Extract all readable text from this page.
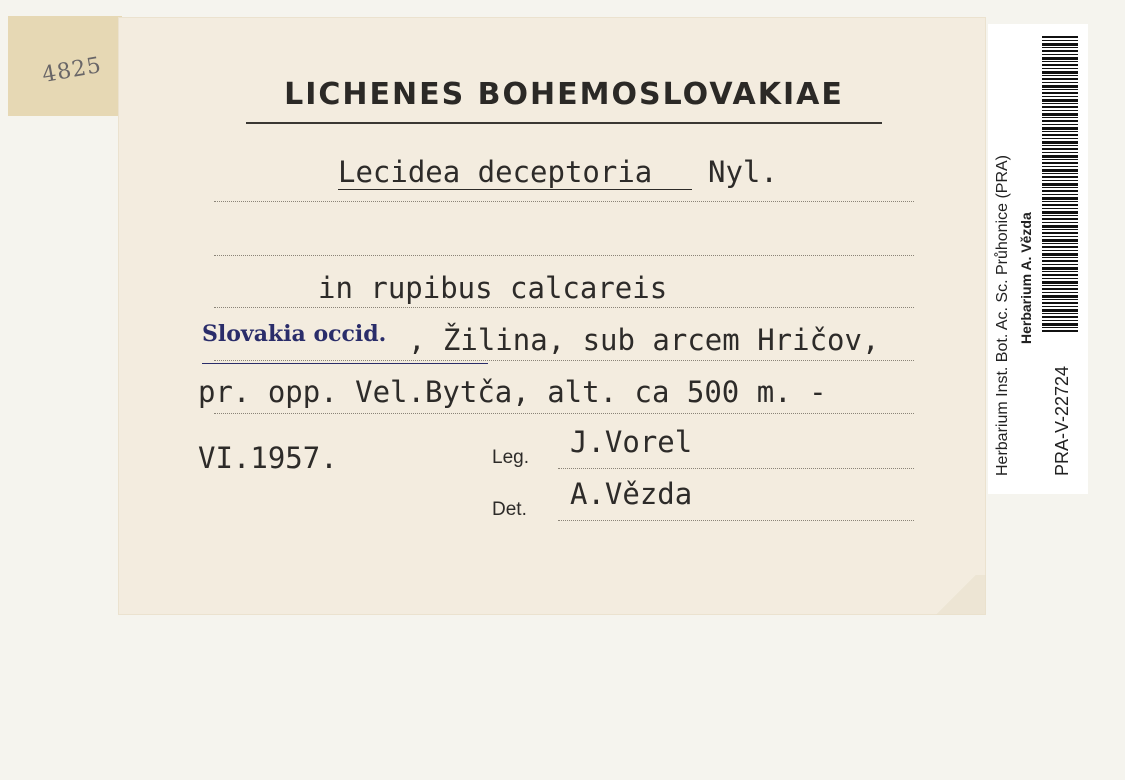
4825
LICHENES BOHEMOSLOVAKIAE
Lecidea deceptoria Nyl.
in rupibus calcareis
Slovakia occid. , Žilina, sub arcem Hričov,
pr. opp. Vel.Bytča, alt. ca 500 m. -
VI.1957.	Leg. J.Vorel
Det. A.Vězda
Herbarium Inst. Bot. Ac. Sc. Průhonice (PRA) Herbarium A. Vězda
PRA-V-22724
